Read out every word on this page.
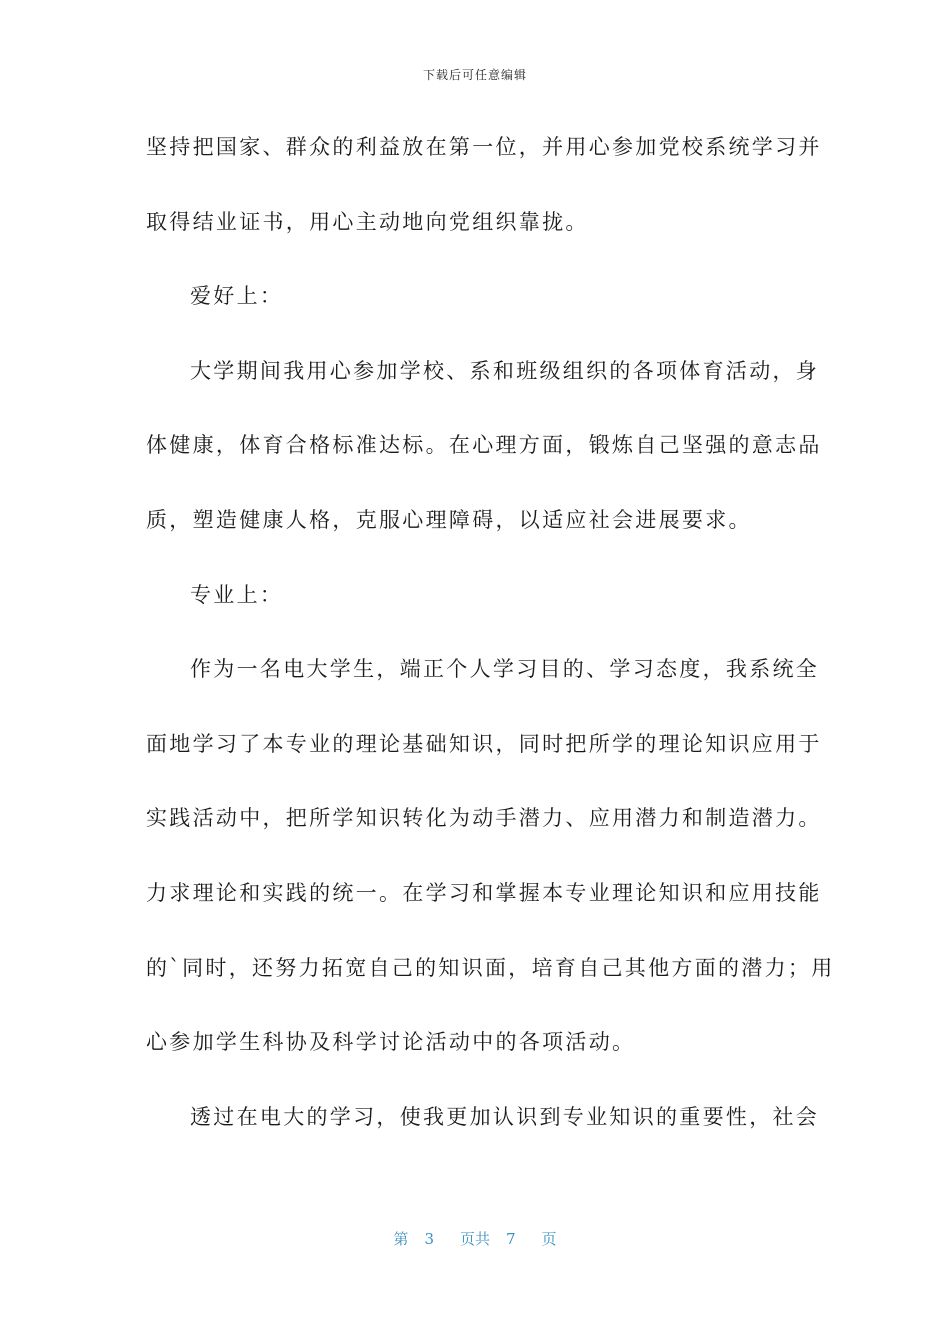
下载后可任意编辑
坚持把国家、群众的利益放在第一位，并用心参加党校系统学习并
取得结业证书，用心主动地向党组织靠拢。
爱好上：
大学期间我用心参加学校、系和班级组织的各项体育活动，身
体健康，体育合格标准达标。在心理方面，锻炼自己坚强的意志品
质，塑造健康人格，克服心理障碍，以适应社会进展要求。
专业上：
作为一名电大学生，端正个人学习目的、学习态度，我系统全
面地学习了本专业的理论基础知识，同时把所学的理论知识应用于
实践活动中，把所学知识转化为动手潜力、应用潜力和制造潜力。
力求理论和实践的统一。在学习和掌握本专业理论知识和应用技能
的`同时，还努力拓宽自己的知识面，培育自己其他方面的潜力；用
心参加学生科协及科学讨论活动中的各项活动。
透过在电大的学习，使我更加认识到专业知识的重要性，社会
第 3 页共 7 页
